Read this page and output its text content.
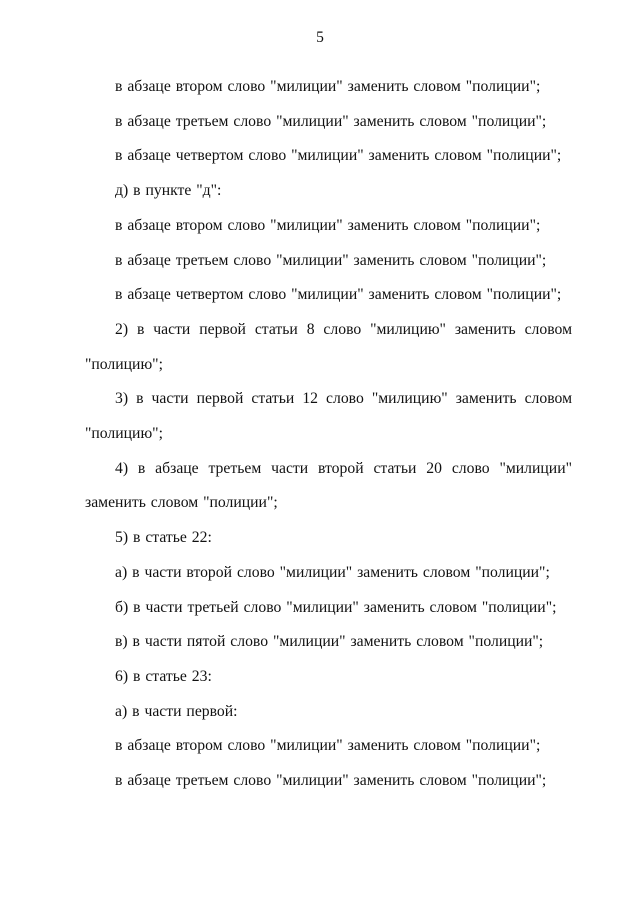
5

в абзаце втором слово "милиции" заменить словом "полиции";

в абзаце третьем слово "милиции" заменить словом "полиции";

в абзаце четвертом слово "милиции" заменить словом "полиции";

д) в пункте "д":

в абзаце втором слово "милиции" заменить словом "полиции";

в абзаце третьем слово "милиции" заменить словом "полиции";

в абзаце четвертом слово "милиции" заменить словом "полиции";

2) в части первой статьи 8 слово "милицию" заменить словом "полицию";

3) в части первой статьи 12 слово "милицию" заменить словом "полицию";

4) в абзаце третьем части второй статьи 20 слово "милиции" заменить словом "полиции";

5) в статье 22:

а) в части второй слово "милиции" заменить словом "полиции";

б) в части третьей слово "милиции" заменить словом "полиции";

в) в части пятой слово "милиции" заменить словом "полиции";

6) в статье 23:

а) в части первой:

в абзаце втором слово "милиции" заменить словом "полиции";

в абзаце третьем слово "милиции" заменить словом "полиции";
